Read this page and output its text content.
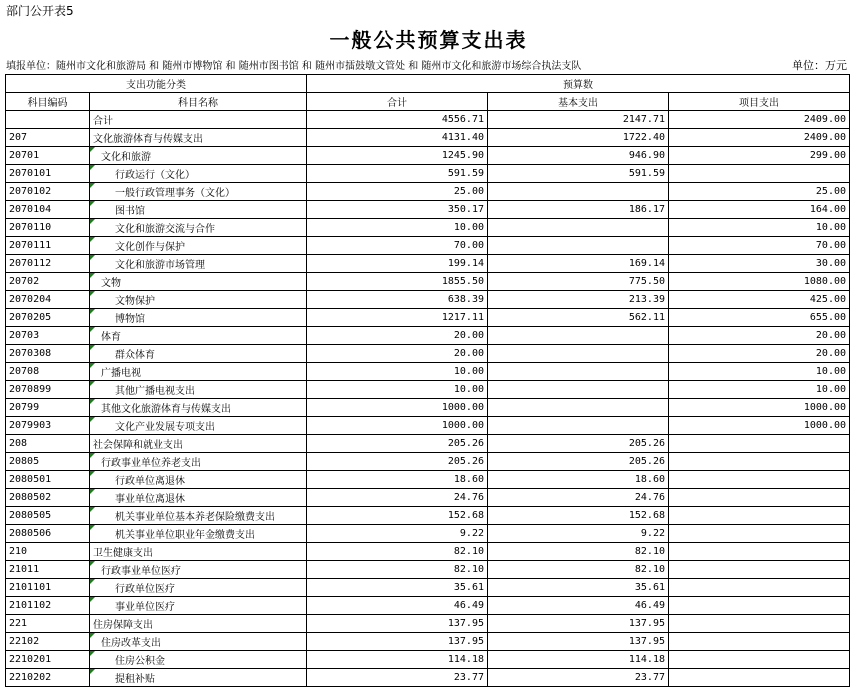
部门公开表5
一般公共预算支出表
填报单位：随州市文化和旅游局 和 随州市博物馆 和 随州市图书馆 和 随州市擂鼓墩文管处 和 随州市文化和旅游市场综合执法支队	单位：万元
支出功能分类		预算数		
科目编码	科目名称	合计	基本支出	项目支出
	合计	4556.71	2147.71	2409.00
207	文化旅游体育与传媒支出	4131.40	1722.40	2409.00
20701	文化和旅游	1245.90	946.90	299.00
2070101	行政运行（文化）	591.59	591.59	
2070102	一般行政管理事务（文化）	25.00		25.00
2070104	图书馆	350.17	186.17	164.00
2070110	文化和旅游交流与合作	10.00		10.00
2070111	文化创作与保护	70.00		70.00
2070112	文化和旅游市场管理	199.14	169.14	30.00
20702	文物	1855.50	775.50	1080.00
2070204	文物保护	638.39	213.39	425.00
2070205	博物馆	1217.11	562.11	655.00
20703	体育	20.00		20.00
2070308	群众体育	20.00		20.00
20708	广播电视	10.00		10.00
2070899	其他广播电视支出	10.00		10.00
20799	其他文化旅游体育与传媒支出	1000.00		1000.00
2079903	文化产业发展专项支出	1000.00		1000.00
208	社会保障和就业支出	205.26	205.26	
20805	行政事业单位养老支出	205.26	205.26	
2080501	行政单位离退休	18.60	18.60	
2080502	事业单位离退休	24.76	24.76	
2080505	机关事业单位基本养老保险缴费支出	152.68	152.68	
2080506	机关事业单位职业年金缴费支出	9.22	9.22	
210	卫生健康支出	82.10	82.10	
21011	行政事业单位医疗	82.10	82.10	
2101101	行政单位医疗	35.61	35.61	
2101102	事业单位医疗	46.49	46.49	
221	住房保障支出	137.95	137.95	
22102	住房改革支出	137.95	137.95	
2210201	住房公积金	114.18	114.18	
2210202	提租补贴	23.77	23.77	
